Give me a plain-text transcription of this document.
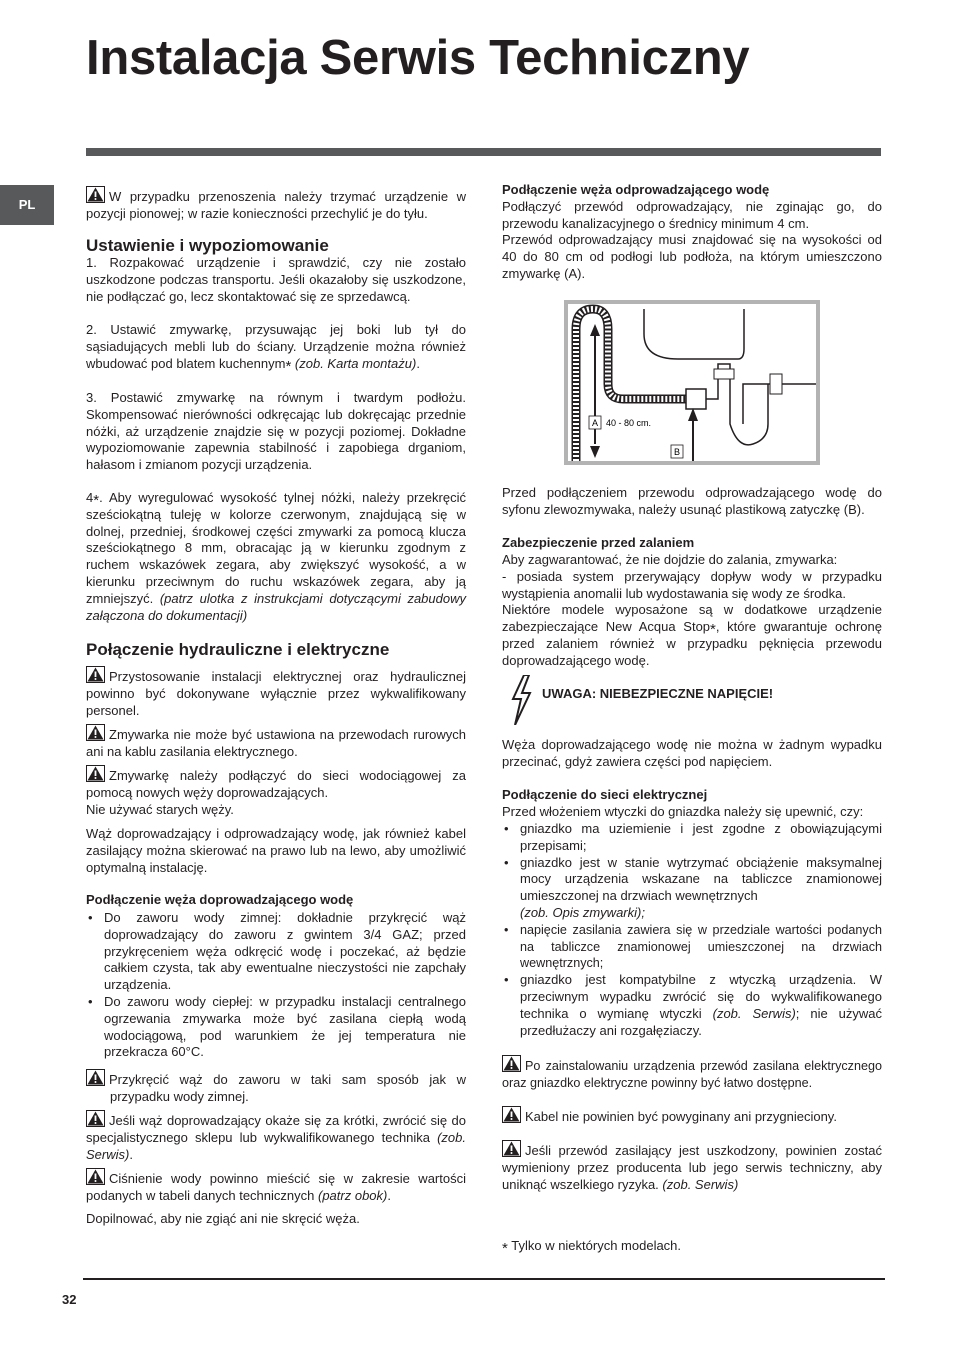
Instalacja Serwis Techniczny
PL

W przypadku przenoszenia należy trzymać urządzenie w pozycji pionowej; w razie konieczności przechylić je do tyłu.

Ustawienie i wypoziomowanie

1. Rozpakować urządzenie i sprawdzić, czy nie zostało uszkodzone podczas transportu. Jeśli okazałoby się uszkodzone, nie podłączać go, lecz skontaktować się ze sprzedawcą.

2. Ustawić zmywarkę, przysuwając jej boki lub tył do sąsiadujących mebli lub do ściany. Urządzenie można również wbudować pod blatem kuchennym* (zob. Karta montażu).

3. Postawić zmywarkę na równym i twardym podłożu. Skompensować nierówności odkręcając lub dokręcając przednie nóżki, aż urządzenie znajdzie się w pozycji poziomej. Dokładne wypoziomowanie zapewnia stabilność i zapobiega drganiom, hałasom i zmianom pozycji urządzenia.

4*. Aby wyregulować wysokość tylnej nóżki, należy przekręcić sześciokątną tuleję w kolorze czerwonym, znajdującą się w dolnej, przedniej, środkowej części zmywarki za pomocą klucza sześciokątnego 8 mm, obracając ją w kierunku zgodnym z ruchem wskazówek zegara, aby zwiększyć wysokość, a w kierunku przeciwnym do ruchu wskazówek zegara, aby ją zmniejszyć. (patrz ulotka z instrukcjami dotyczącymi zabudowy załączona do dokumentacji)

Połączenie hydrauliczne i elektryczne

Przystosowanie instalacji elektrycznej oraz hydraulicznej powinno być dokonywane wyłącznie przez wykwalifikowany personel.

Zmywarka nie może być ustawiona na przewodach rurowych ani na kablu zasilania elektrycznego.

Zmywarkę należy podłączyć do sieci wodociągowej za pomocą nowych węży doprowadzających.
Nie używać starych węży.

Wąż doprowadzający i odprowadzający wodę, jak również kabel zasilający można skierować na prawo lub na lewo, aby umożliwić optymalną instalację.

Podłączenie węża doprowadzającego wodę

• Do zaworu wody zimnej: dokładnie przykręcić wąż doprowadzający do zaworu z gwintem 3/4 GAZ; przed przykręceniem węża odkręcić wodę i poczekać, aż będzie całkiem czysta, tak aby ewentualne nieczystości nie zapchały urządzenia.
• Do zaworu wody ciepłej: w przypadku instalacji centralnego ogrzewania zmywarka może być zasilana ciepłą wodą wodociągową, pod warunkiem że jej temperatura nie przekracza 60°C.

Przykręcić wąż do zaworu w taki sam sposób jak w przypadku wody zimnej.

Jeśli wąż doprowadzający okaże się za krótki, zwrócić się do specjalistycznego sklepu lub wykwalifikowanego technika (zob. Serwis).

Ciśnienie wody powinno mieścić się w zakresie wartości podanych w tabeli danych technicznych (patrz obok).

Dopilnować, aby nie zgiąć ani nie skręcić węża.

Podłączenie węża odprowadzającego wodę

Podłączyć przewód odprowadzający, nie zginając go, do przewodu kanalizacyjnego o średnicy minimum 4 cm.

Przewód odprowadzający musi znajdować się na wysokości od 40 do 80 cm od podłogi lub podłoża, na którym umieszczono zmywarkę (A).

A 40 - 80 cm.
B

Przed podłączeniem przewodu odprowadzającego wodę do syfonu zlewozmywaka, należy usunąć plastikową zatyczkę (B).

Zabezpieczenie przed zalaniem

Aby zagwarantować, że nie dojdzie do zalania, zmywarka:
- posiada system przerywający dopływ wody w przypadku wystąpienia anomalii lub wydostawania się wody ze środka.
Niektóre modele wyposażone są w dodatkowe urządzenie zabezpieczające New Acqua Stop*, które gwarantuje ochronę przed zalaniem również w przypadku pęknięcia przewodu doprowadzającego wodę.

UWAGA: NIEBEZPIECZNE NAPIĘCIE!

Węża doprowadzającego wodę nie można w żadnym wypadku przecinać, gdyż zawiera części pod napięciem.

Podłączenie do sieci elektrycznej

Przed włożeniem wtyczki do gniazdka należy się upewnić, czy:

• gniazdko ma uziemienie i jest zgodne z obowiązującymi przepisami;
• gniazdko jest w stanie wytrzymać obciążenie maksymalnej mocy urządzenia wskazane na tabliczce znamionowej umieszczonej na drzwiach wewnętrznych
(zob. Opis zmywarki);
• napięcie zasilania zawiera się w przedziale wartości podanych na tabliczce znamionowej umieszczonej na drzwiach wewnętrznych;
• gniazdko jest kompatybilne z wtyczką urządzenia. W przeciwnym wypadku zwrócić się do wykwalifikowanego technika o wymianę wtyczki (zob. Serwis); nie używać przedłużaczy ani rozgałęziaczy.

Po zainstalowaniu urządzenia przewód zasilana elektrycznego oraz gniazdko elektryczne powinny być łatwo dostępne.

Kabel nie powinien być powyginany ani przygnieciony.

Jeśli przewód zasilający jest uszkodzony, powinien zostać wymieniony przez producenta lub jego serwis techniczny, aby uniknąć wszelkiego ryzyka. (zob. Serwis)

* Tylko w niektórych modelach.

32
